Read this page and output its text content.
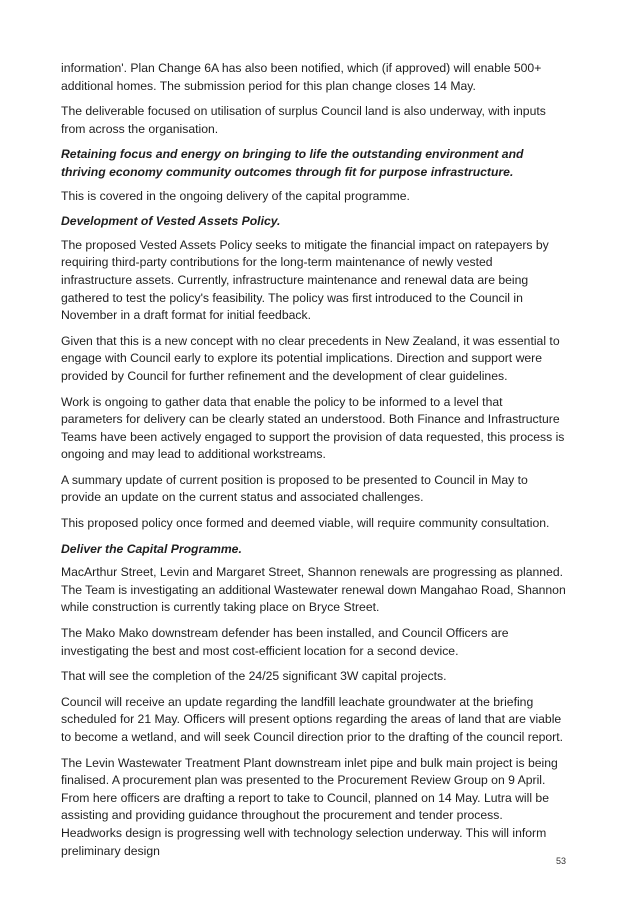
information'. Plan Change 6A has also been notified, which (if approved) will enable 500+ additional homes. The submission period for this plan change closes 14 May.

The deliverable focused on utilisation of surplus Council land is also underway, with inputs from across the organisation.

Retaining focus and energy on bringing to life the outstanding environment and thriving economy community outcomes through fit for purpose infrastructure.

This is covered in the ongoing delivery of the capital programme.

Development of Vested Assets Policy.

The proposed Vested Assets Policy seeks to mitigate the financial impact on ratepayers by requiring third-party contributions for the long-term maintenance of newly vested infrastructure assets. Currently, infrastructure maintenance and renewal data are being gathered to test the policy's feasibility. The policy was first introduced to the Council in November in a draft format for initial feedback.

Given that this is a new concept with no clear precedents in New Zealand, it was essential to engage with Council early to explore its potential implications. Direction and support were provided by Council for further refinement and the development of clear guidelines.

Work is ongoing to gather data that enable the policy to be informed to a level that parameters for delivery can be clearly stated an understood. Both Finance and Infrastructure Teams have been actively engaged to support the provision of data requested, this process is ongoing and may lead to additional workstreams.

A summary update of current position is proposed to be presented to Council in May to provide an update on the current status and associated challenges.

This proposed policy once formed and deemed viable, will require community consultation.

Deliver the Capital Programme.

MacArthur Street, Levin and Margaret Street, Shannon renewals are progressing as planned. The Team is investigating an additional Wastewater renewal down Mangahao Road, Shannon while construction is currently taking place on Bryce Street.

The Mako Mako downstream defender has been installed, and Council Officers are investigating the best and most cost-efficient location for a second device.

That will see the completion of the 24/25 significant 3W capital projects.

Council will receive an update regarding the landfill leachate groundwater at the briefing scheduled for 21 May. Officers will present options regarding the areas of land that are viable to become a wetland, and will seek Council direction prior to the drafting of the council report.

The Levin Wastewater Treatment Plant downstream inlet pipe and bulk main project is being finalised. A procurement plan was presented to the Procurement Review Group on 9 April. From here officers are drafting a report to take to Council, planned on 14 May. Lutra will be assisting and providing guidance throughout the procurement and tender process. Headworks design is progressing well with technology selection underway. This will inform preliminary design

53
